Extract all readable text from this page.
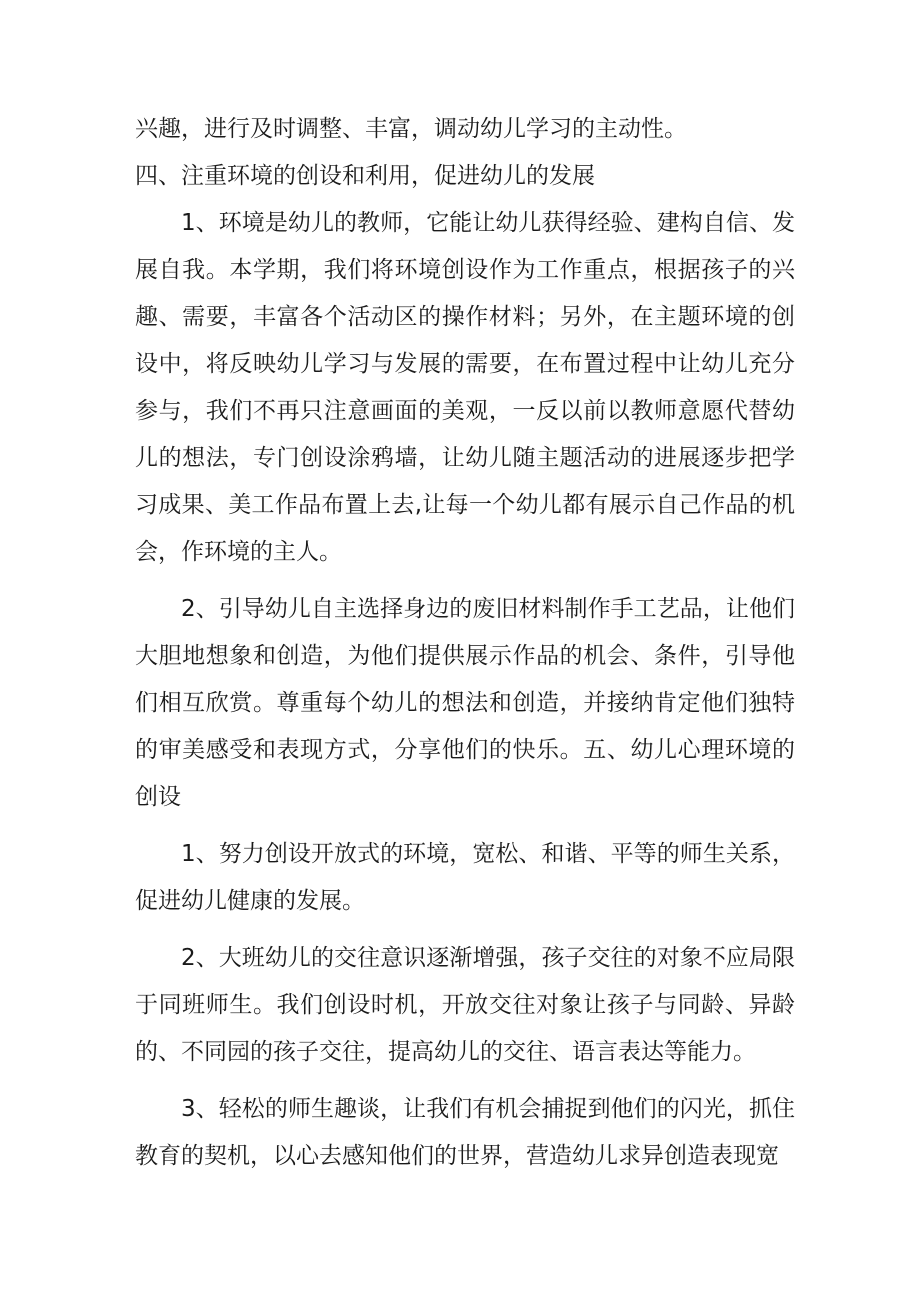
兴趣，进行及时调整、丰富，调动幼儿学习的主动性。

四、注重环境的创设和利用，促进幼儿的发展

1、环境是幼儿的教师，它能让幼儿获得经验、建构自信、发展自我。本学期，我们将环境创设作为工作重点，根据孩子的兴趣、需要，丰富各个活动区的操作材料；另外，在主题环境的创设中，将反映幼儿学习与发展的需要，在布置过程中让幼儿充分参与，我们不再只注意画面的美观，一反以前以教师意愿代替幼儿的想法，专门创设涂鸦墙，让幼儿随主题活动的进展逐步把学习成果、美工作品布置上去,让每一个幼儿都有展示自己作品的机会，作环境的主人。

2、引导幼儿自主选择身边的废旧材料制作手工艺品，让他们大胆地想象和创造，为他们提供展示作品的机会、条件，引导他们相互欣赏。尊重每个幼儿的想法和创造，并接纳肯定他们独特的审美感受和表现方式，分享他们的快乐。五、幼儿心理环境的创设

1、努力创设开放式的环境，宽松、和谐、平等的师生关系，促进幼儿健康的发展。

2、大班幼儿的交往意识逐渐增强，孩子交往的对象不应局限于同班师生。我们创设时机，开放交往对象让孩子与同龄、异龄的、不同园的孩子交往，提高幼儿的交往、语言表达等能力。

3、轻松的师生趣谈，让我们有机会捕捉到他们的闪光，抓住教育的契机，以心去感知他们的世界，营造幼儿求异创造表现宽
